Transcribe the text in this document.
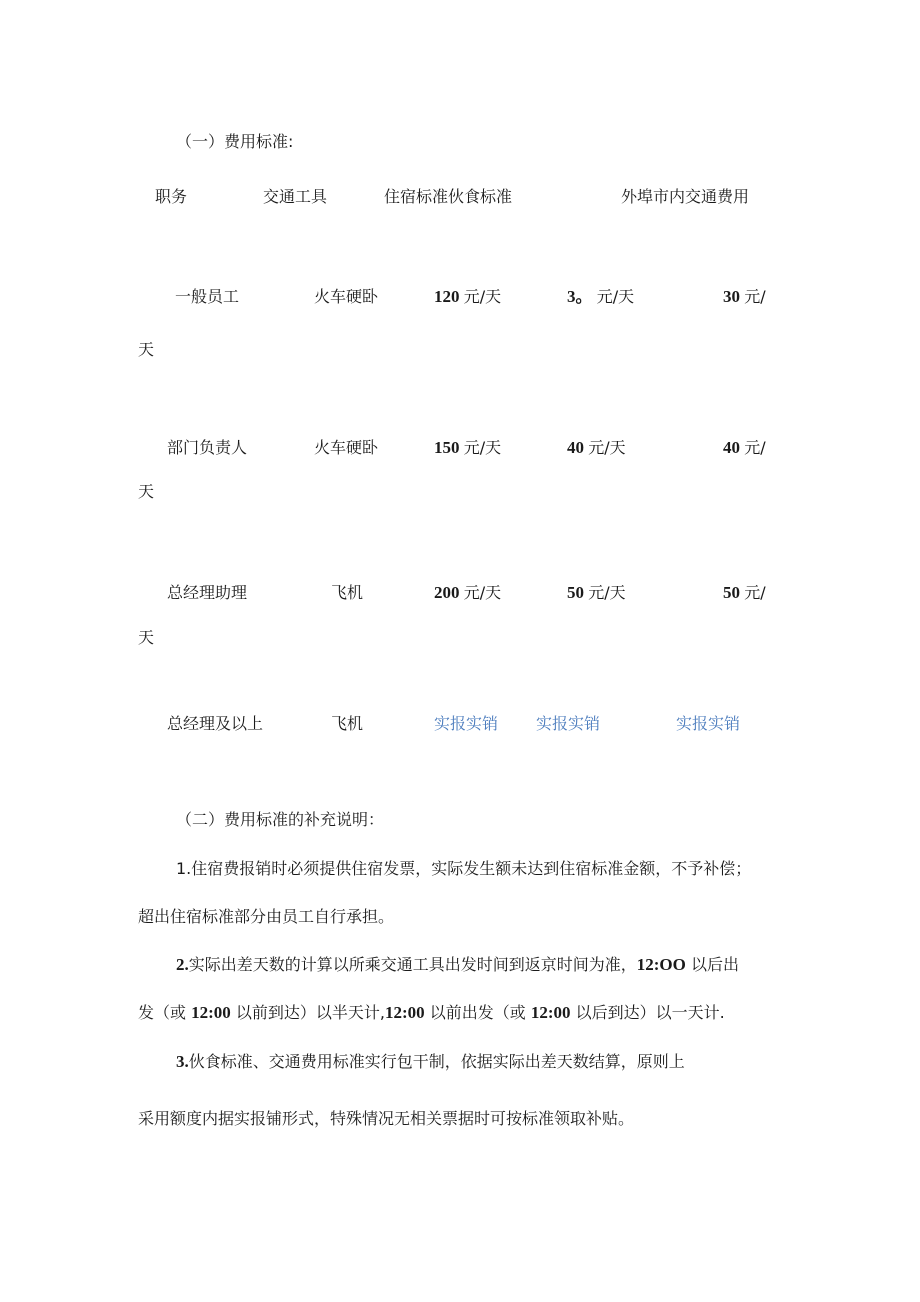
（一）费用标准:
职务	交通工具	住宿标准伙食标准	外埠市内交通费用
一般员工	火车硬卧	120 元/天	3。 元/天	30 元/
天
部门负责人	火车硬卧	150 元/天	40 元/天	40 元/
天
总经理助理	飞机	200 元/天	50 元/天	50 元/
天
总经理及以上	飞机	实报实销 实报实销	实报实销
（二）费用标准的补充说明：
1.住宿费报销时必须提供住宿发票，实际发生额未达到住宿标准金额，不予补偿；
超出住宿标准部分由员工自行承担。
2.实际出差天数的计算以所乘交通工具出发时间到返京时间为准，12:OO 以后出
发（或 12:00 以前到达）以半天计,12:00 以前出发（或 12:00 以后到达）以一天计.
3.伙食标准、交通费用标准实行包干制，依据实际出差天数结算，原则上
采用额度内据实报铺形式，特殊情况无相关票据时可按标准领取补贴。
